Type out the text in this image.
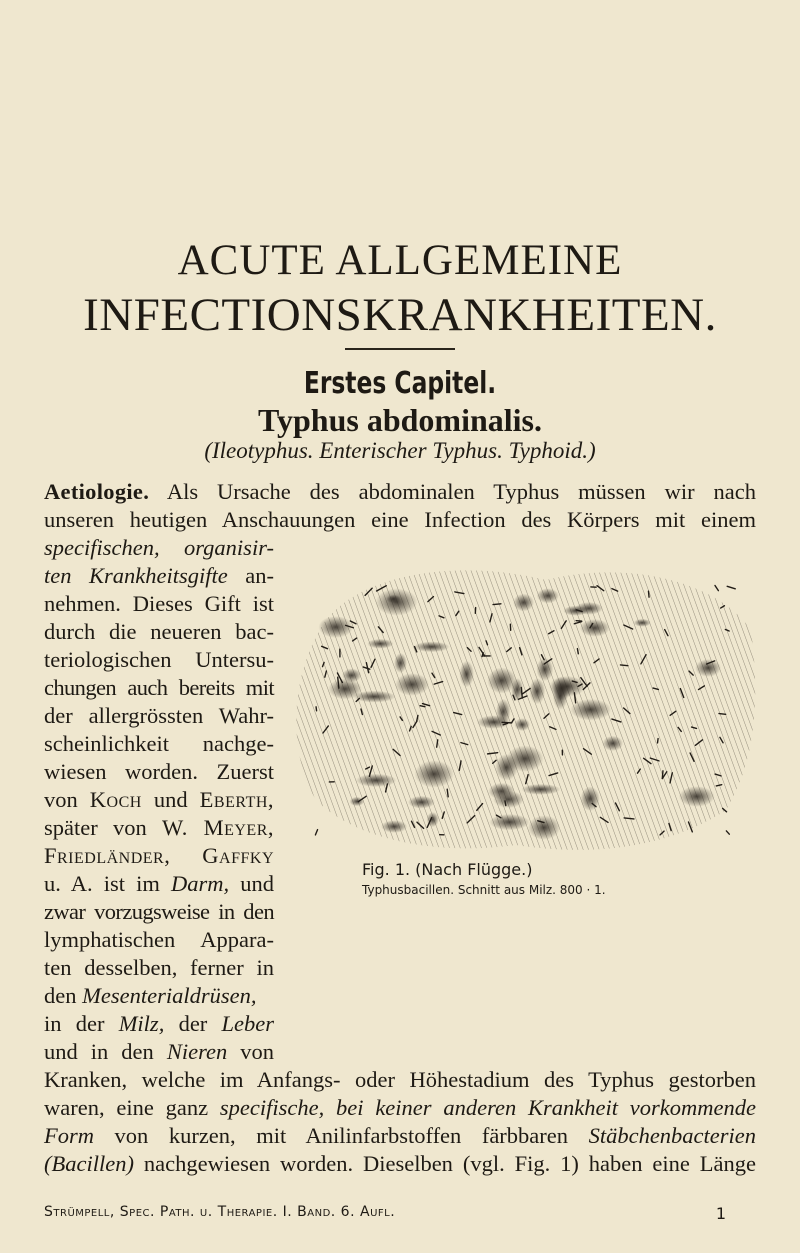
ACUTE ALLGEMEINE
INFECTIONSKRANKHEITEN.
Erstes Capitel.
Typhus abdominalis.
(Ileotyphus. Enterischer Typhus. Typhoid.)
Aetiologie. Als Ursache des abdominalen Typhus müssen wir nach
unseren heutigen Anschauungen eine Infection des Körpers mit einem
specifischen, organisir-
ten Krankheitsgifte an-
nehmen. Dieses Gift ist
durch die neueren bac-
teriologischen Untersu-
chungen auch bereits mit
der allergrössten Wahr-
scheinlichkeit nachge-
wiesen worden. Zuerst
von Koch und Eberth,
später von W. Meyer,
Friedländer, Gaffky
u. A. ist im Darm, und
zwar vorzugsweise in den
lymphatischen Appara-
ten desselben, ferner in
den Mesenterialdrüsen,
in der Milz, der Leber
und in den Nieren von
Kranken, welche im Anfangs- oder Höhestadium des Typhus gestorben
waren, eine ganz specifische, bei keiner anderen Krankheit vorkommende
Form von kurzen, mit Anilinfarbstoffen färbbaren Stäbchenbacterien
(Bacillen) nachgewiesen worden. Dieselben (vgl. Fig. 1) haben eine Länge
Fig. 1. (Nach Flügge.)
Typhusbacillen. Schnitt aus Milz. 800 · 1.
Strümpell, Spec. Path. u. Therapie. I. Band. 6. Aufl.	1
